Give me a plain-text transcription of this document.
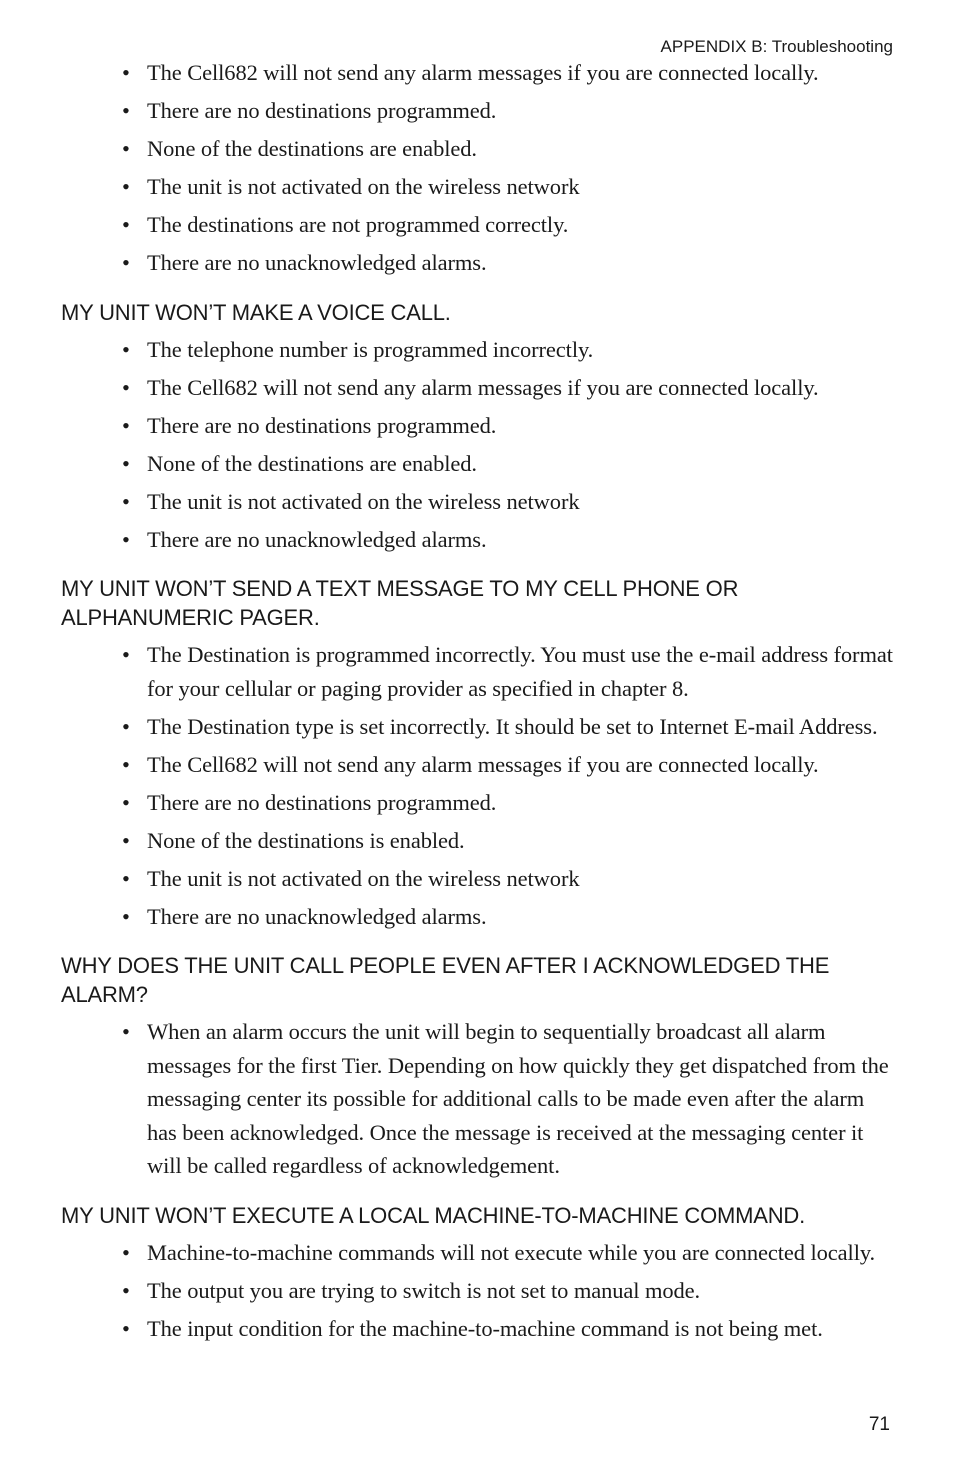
APPENDIX B: Troubleshooting
• The Cell682 will not send any alarm messages if you are connected locally.
• There are no destinations programmed.
• None of the destinations are enabled.
• The unit is not activated on the wireless network
• The destinations are not programmed correctly.
• There are no unacknowledged alarms.
MY UNIT WON’T MAKE A VOICE CALL.
• The telephone number is programmed incorrectly.
• The Cell682 will not send any alarm messages if you are connected locally.
• There are no destinations programmed.
• None of the destinations are enabled.
• The unit is not activated on the wireless network
• There are no unacknowledged alarms.
MY UNIT WON’T SEND A TEXT MESSAGE TO MY CELL PHONE OR ALPHANUMERIC PAGER.
• The Destination is programmed incorrectly. You must use the e-mail address format for your cellular or paging provider as specified in chapter 8.
• The Destination type is set incorrectly. It should be set to Internet E-mail Address.
• The Cell682 will not send any alarm messages if you are connected locally.
• There are no destinations programmed.
• None of the destinations is enabled.
• The unit is not activated on the wireless network
• There are no unacknowledged alarms.
WHY DOES THE UNIT CALL PEOPLE EVEN AFTER I ACKNOWLEDGED THE ALARM?
• When an alarm occurs the unit will begin to sequentially broadcast all alarm messages for the first Tier. Depending on how quickly they get dispatched from the messaging center its possible for additional calls to be made even after the alarm has been acknowledged. Once the message is received at the messaging center it will be called regardless of acknowledgement.
MY UNIT WON’T EXECUTE A LOCAL MACHINE-TO-MACHINE COMMAND.
• Machine-to-machine commands will not execute while you are connected locally.
• The output you are trying to switch is not set to manual mode.
• The input condition for the machine-to-machine command is not being met.
71
